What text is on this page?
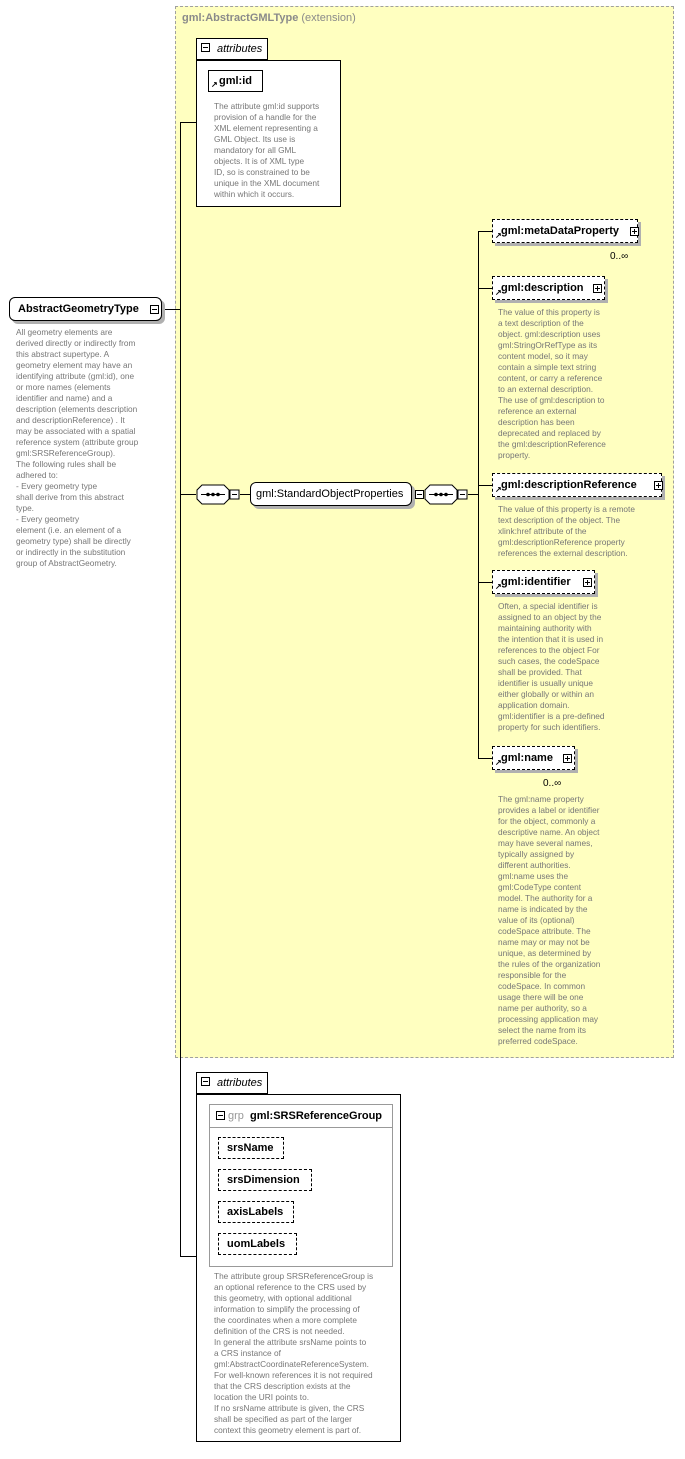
gml:AbstractGMLType (extension)
AbstractGeometryType
All geometry elements are
derived directly or indirectly from
this abstract supertype. A
geometry element may have an
identifying attribute (gml:id), one
or more names (elements
identifier and name) and a
description (elements description
and descriptionReference) . It
may be associated with a spatial
reference system (attribute group
gml:SRSReferenceGroup).
The following rules shall be
adhered to:
- Every geometry type
shall derive from this abstract
type.
- Every geometry
element (i.e. an element of a
geometry type) shall be directly
or indirectly in the substitution
group of AbstractGeometry.
attributes
gml:id
↗
The attribute gml:id supports
provision of a handle for the
XML element representing a
GML Object. Its use is
mandatory for all GML
objects. It is of XML type
ID, so is constrained to be
unique in the XML document
within which it occurs.
gml:StandardObjectProperties
gml:metaDataProperty
↗
0..∞
gml:description
↗
The value of this property is
a text description of the
object. gml:description uses
gml:StringOrRefType as its
content model, so it may
contain a simple text string
content, or carry a reference
to an external description.
The use of gml:description to
reference an external
description has been
deprecated and replaced by
the gml:descriptionReference
property.
gml:descriptionReference
↗
The value of this property is a remote
text description of the object. The
xlink:href attribute of the
gml:descriptionReference property
references the external description.
gml:identifier
↗
Often, a special identifier is
assigned to an object by the
maintaining authority with
the intention that it is used in
references to the object For
such cases, the codeSpace
shall be provided. That
identifier is usually unique
either globally or within an
application domain.
gml:identifier is a pre-defined
property for such identifiers.
gml:name
↗
0..∞
The gml:name property
provides a label or identifier
for the object, commonly a
descriptive name. An object
may have several names,
typically assigned by
different authorities.
gml:name uses the
gml:CodeType content
model. The authority for a
name is indicated by the
value of its (optional)
codeSpace attribute. The
name may or may not be
unique, as determined by
the rules of the organization
responsible for the
codeSpace. In common
usage there will be one
name per authority, so a
processing application may
select the name from its
preferred codeSpace.
attributes
grp gml:SRSReferenceGroup
srsName
srsDimension
axisLabels
uomLabels
The attribute group SRSReferenceGroup is
an optional reference to the CRS used by
this geometry, with optional additional
information to simplify the processing of
the coordinates when a more complete
definition of the CRS is not needed.
In general the attribute srsName points to
a CRS instance of
gml:AbstractCoordinateReferenceSystem.
For well-known references it is not required
that the CRS description exists at the
location the URI points to.
If no srsName attribute is given, the CRS
shall be specified as part of the larger
context this geometry element is part of.
